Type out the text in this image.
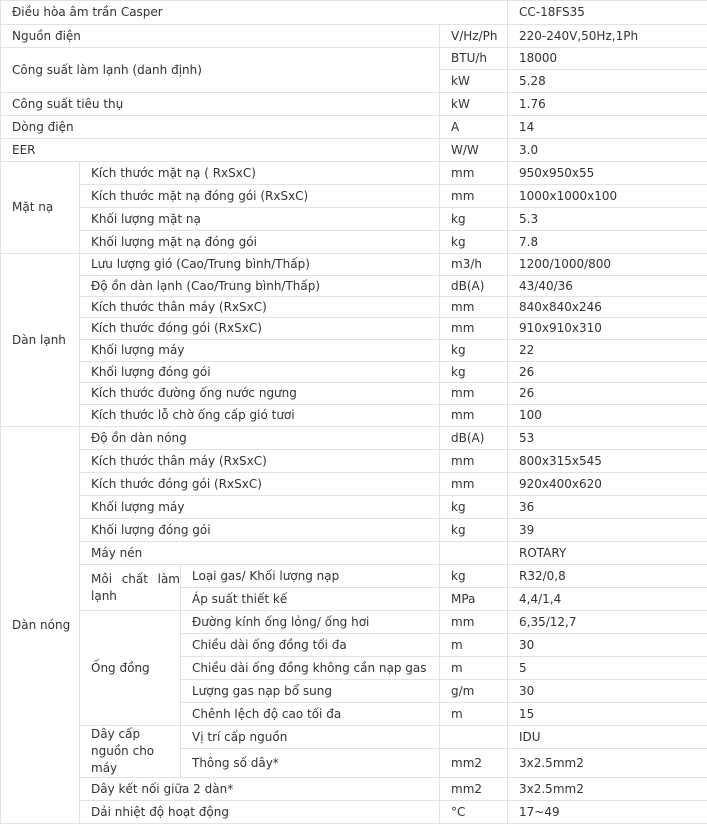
Điều hòa âm trần Casper				CC-18FS35
Nguồn điện			V/Hz/Ph	220-240V,50Hz,1Ph
Công suất làm lạnh (danh định)			BTU/h	18000
			kW	5.28
Công suất tiêu thụ			kW	1.76
Dòng điện			A	14
EER			W/W	3.0
Mặt nạ	Kích thước mặt nạ ( RxSxC)		mm	950x950x55
	Kích thước mặt nạ đóng gói (RxSxC)		mm	1000x1000x100
	Khối lượng mặt nạ		kg	5.3
	Khối lượng mặt nạ đóng gói		kg	7.8
Dàn lạnh	Lưu lượng gió (Cao/Trung bình/Thấp)		m3/h	1200/1000/800
	Độ ồn dàn lạnh (Cao/Trung bình/Thấp)		dB(A)	43/40/36
	Kích thước thân máy (RxSxC)		mm	840x840x246
	Kích thước đóng gói (RxSxC)		mm	910x910x310
	Khối lượng máy		kg	22
	Khối lượng đóng gói		kg	26
	Kích thước đường ống nước ngưng		mm	26
	Kích thước lỗ chờ ống cấp gió tươi		mm	100
Dàn nóng	Độ ồn dàn nóng		dB(A)	53
	Kích thước thân máy (RxSxC)		mm	800x315x545
	Kích thước đóng gói (RxSxC)		mm	920x400x620
	Khối lượng máy		kg	36
	Khối lượng đóng gói		kg	39
	Máy nén			ROTARY
	Môi chất làm lạnh	Loại gas/ Khối lượng nạp	kg	R32/0,8
		Áp suất thiết kế	MPa	4,4/1,4
	Ống đồng	Đường kính ống lỏng/ ống hơi	mm	6,35/12,7
		Chiều dài ống đồng tối đa	m	30
		Chiều dài ống đồng không cần nạp gas	m	5
		Lượng gas nạp bổ sung	g/m	30
		Chênh lệch độ cao tối đa	m	15
	Dây cấp nguồn cho máy	Vị trí cấp nguồn		IDU
		Thông số dây*	mm2	3x2.5mm2
	Dây kết nối giữa 2 dàn*		mm2	3x2.5mm2
	Dải nhiệt độ hoạt động		°C	17~49
